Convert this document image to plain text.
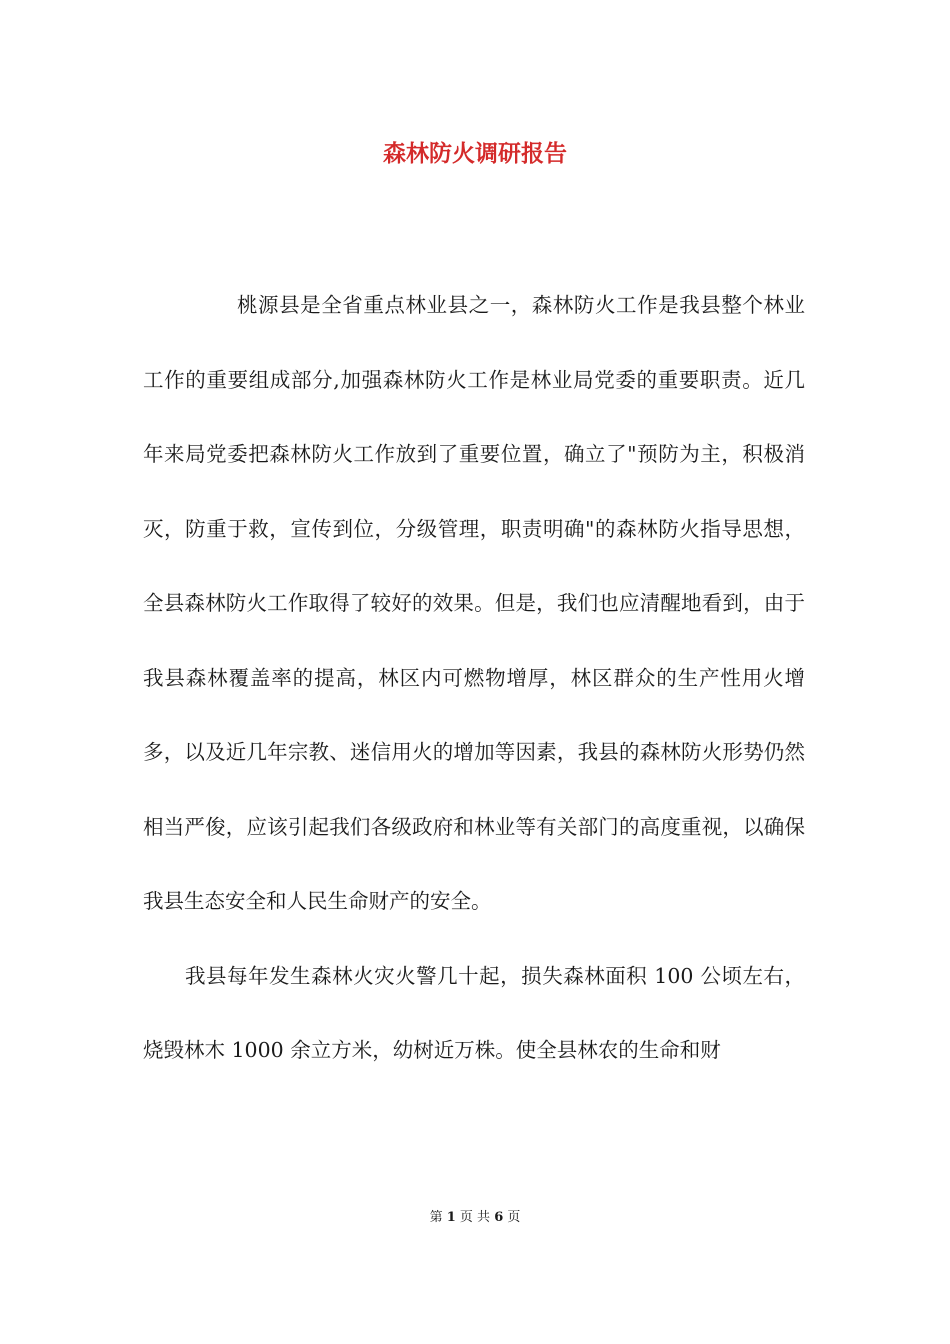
森林防火调研报告

桃源县是全省重点林业县之一，森林防火工作是我县整个林业工作的重要组成部分,加强森林防火工作是林业局党委的重要职责。近几年来局党委把森林防火工作放到了重要位置，确立了"预防为主，积极消灭，防重于救，宣传到位，分级管理，职责明确"的森林防火指导思想，全县森林防火工作取得了较好的效果。但是，我们也应清醒地看到，由于我县森林覆盖率的提高，林区内可燃物增厚，林区群众的生产性用火增多，以及近几年宗教、迷信用火的增加等因素，我县的森林防火形势仍然相当严俊，应该引起我们各级政府和林业等有关部门的高度重视，以确保我县生态安全和人民生命财产的安全。

我县每年发生森林火灾火警几十起，损失森林面积 100 公顷左右，烧毁林木 1000 余立方米，幼树近万株。使全县林农的生命和财

第 1 页 共 6 页
